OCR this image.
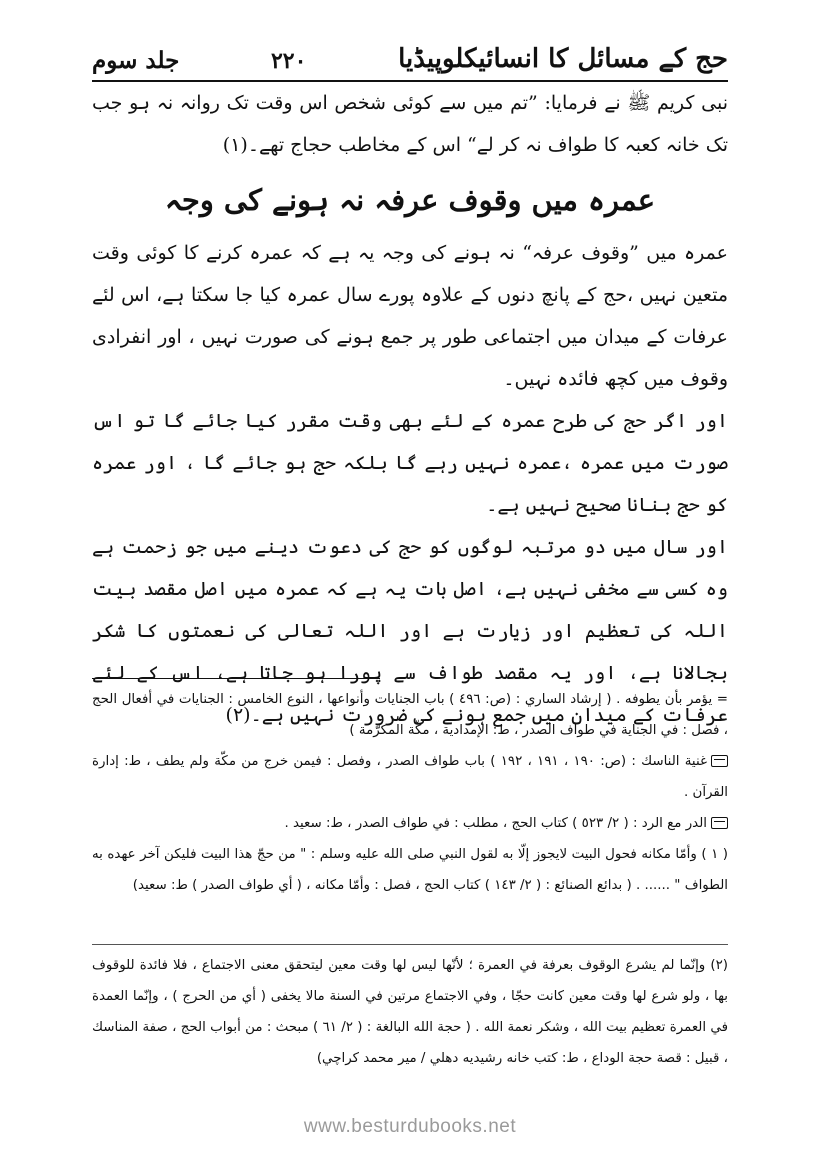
حج کے مسائل کا انسائیکلوپیڈیا
۲۲۰
جلد سوم

نبی کریم ﷺ نے فرمایا: ”تم میں سے کوئی شخص اس وقت تک روانہ نہ ہو جب تک خانہ کعبہ کا طواف نہ کر لے“ اس کے مخاطب حجاج تھے۔(۱)

عمرہ میں وقوف عرفہ نہ ہونے کی وجہ

عمرہ میں ”وقوف عرفہ“ نہ ہونے کی وجہ یہ ہے کہ عمرہ کرنے کا کوئی وقت متعین نہیں ،حج کے پانچ دنوں کے علاوہ پورے سال عمرہ کیا جا سکتا ہے، اس لئے عرفات کے میدان میں اجتماعی طور پر جمع ہونے کی صورت نہیں ، اور انفرادی وقوف میں کچھ فائدہ نہیں۔

اور اگر حج کی طرح عمرہ کے لئے بھی وقت مقرر کیا جائے گا تو اس صورت میں عمرہ ،عمرہ نہیں رہے گا بلکہ حج ہو جائے گا ، اور عمرہ کو حج بنانا صحیح نہیں ہے۔

اور سال میں دو مرتبہ لوگوں کو حج کی دعوت دینے میں جو زحمت ہے وہ کسی سے مخفی نہیں ہے، اصل بات یہ ہے کہ عمرہ میں اصل مقصد بیت اللہ کی تعظیم اور زیارت ہے اور اللہ تعالی کی نعمتوں کا شکر بجالانا ہے، اور یہ مقصد طواف سے پورا ہو جاتا ہے، اس کے لئے عرفات کے میدان میں جمع ہونے کی ضرورت نہیں ہے۔(۲)

= يؤمر بأن يطوفه . ( إرشاد الساري : (ص: ٤٩٦ ) باب الجنايات وأنواعها ، النوع الخامس : الجنايات في أفعال الحج ، فصل : في الجناية في طواف الصدر ، ط: الإمدادية ، مكّة المكرّمة )

غنية الناسك : (ص: ١٩٠ ، ١٩١ ، ١٩٢ ) باب طواف الصدر ، وفصل : فيمن خرج من مكّة ولم يطف ، ط: إدارة القرآن .

الدر مع الرد : ( ٢/ ٥٢٣ ) كتاب الحج ، مطلب : في طواف الصدر ، ط: سعيد .

( ١ ) وأمّا مكانه فحول البيت لايجوز إلّا به لقول النبي صلى الله عليه وسلم : " من حجّ هذا البيت فليكن آخر عهده به الطواف " ...... . ( بدائع الصنائع : ( ٢/ ١٤٣ ) كتاب الحج ، فصل : وأمّا مكانه ، ( أي طواف الصدر ) ط: سعيد)

(٢) وإنّما لم يشرع الوقوف بعرفة في العمرة ؛ لأنّها ليس لها وقت معين ليتحقق معنى الاجتماع ، فلا فائدة للوقوف بها ، ولو شرع لها وقت معين كانت حجّا ، وفي الاجتماع مرتين في السنة مالا يخفى ( أي من الحرج ) ، وإنّما العمدة في العمرة تعظيم بيت الله ، وشكر نعمة الله . ( حجة الله البالغة : ( ٢/ ٦١ ) مبحث : من أبواب الحج ، صفة المناسك ، قبيل : قصة حجة الوداع ، ط: كتب خانه رشيديه دهلي / مير محمد كراچي)

www.besturdubooks.net
